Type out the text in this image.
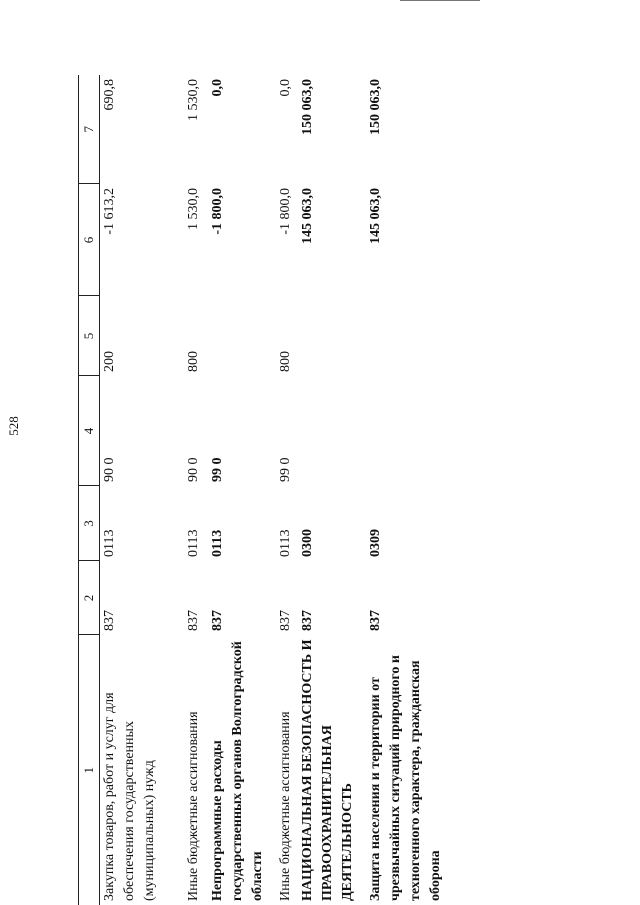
528
1	2	3	4	5	6	7
Закупка товаров, работ и услуг для обеспечения государственных (муниципальных) нужд	837	0113	90 0	200	-1 613,2	690,8
Иные бюджетные ассигнования	837	0113	90 0	800	1 530,0	1 530,0
Непрограммные расходы государственных органов Волгоградской области	837	0113	99 0		-1 800,0	0,0
Иные бюджетные ассигнования	837	0113	99 0	800	-1 800,0	0,0
НАЦИОНАЛЬНАЯ БЕЗОПАСНОСТЬ И ПРАВООХРАНИТЕЛЬНАЯ ДЕЯТЕЛЬНОСТЬ	837	0300			145 063,0	150 063,0
Защита населения и территории от чрезвычайных ситуаций природного и техногенного характера, гражданская оборона	837	0309			145 063,0	150 063,0
